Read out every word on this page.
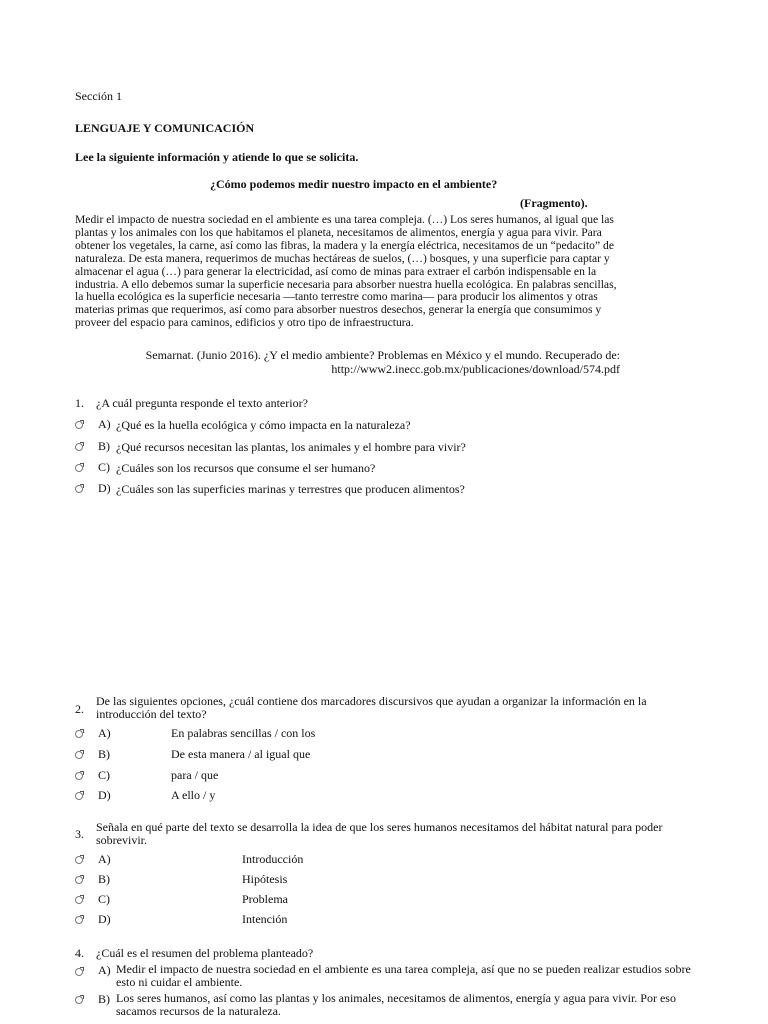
Sección 1
LENGUAJE Y COMUNICACIÓN
Lee la siguiente información y atiende lo que se solicita.
¿Cómo podemos medir nuestro impacto en el ambiente?
(Fragmento).
Medir el impacto de nuestra sociedad en el ambiente es una tarea compleja. (…) Los seres humanos, al igual que las
plantas y los animales con los que habitamos el planeta, necesitamos de alimentos, energía y agua para vivir. Para
obtener los vegetales, la carne, así como las fibras, la madera y la energía eléctrica, necesitamos de un “pedacito” de
naturaleza. De esta manera, requerimos de muchas hectáreas de suelos, (…) bosques, y una superficie para captar y
almacenar el agua (…) para generar la electricidad, así como de minas para extraer el carbón indispensable en la
industria. A ello debemos sumar la superficie necesaria para absorber nuestra huella ecológica. En palabras sencillas,
la huella ecológica es la superficie necesaria —tanto terrestre como marina— para producir los alimentos y otras
materias primas que requerimos, así como para absorber nuestros desechos, generar la energía que consumimos y
proveer del espacio para caminos, edificios y otro tipo de infraestructura.
Semarnat. (Junio 2016). ¿Y el medio ambiente? Problemas en México y el mundo. Recuperado de:
http://www2.inecc.gob.mx/publicaciones/download/574.pdf
1. ¿A cuál pregunta responde el texto anterior?
A) ¿Qué es la huella ecológica y cómo impacta en la naturaleza?
B) ¿Qué recursos necesitan las plantas, los animales y el hombre para vivir?
C) ¿Cuáles son los recursos que consume el ser humano?
D) ¿Cuáles son las superficies marinas y terrestres que producen alimentos?
2.
De las siguientes opciones, ¿cuál contiene dos marcadores discursivos que ayudan a organizar la información en la introducción del texto?
A)	En palabras sencillas / con los
B)	De esta manera / al igual que
C)	para / que
D)	A ello / y
3. Señala en qué parte del texto se desarrolla la idea de que los seres humanos necesitamos del hábitat natural para poder sobrevivir.
A)	Introducción
B)	Hipótesis
C)	Problema
D)	Intención
4. ¿Cuál es el resumen del problema planteado?
A) Medir el impacto de nuestra sociedad en el ambiente es una tarea compleja, así que no se pueden realizar estudios sobre esto ni cuidar el ambiente.
B) Los seres humanos, así como las plantas y los animales, necesitamos de alimentos, energía y agua para vivir. Por eso sacamos recursos de la naturaleza.
